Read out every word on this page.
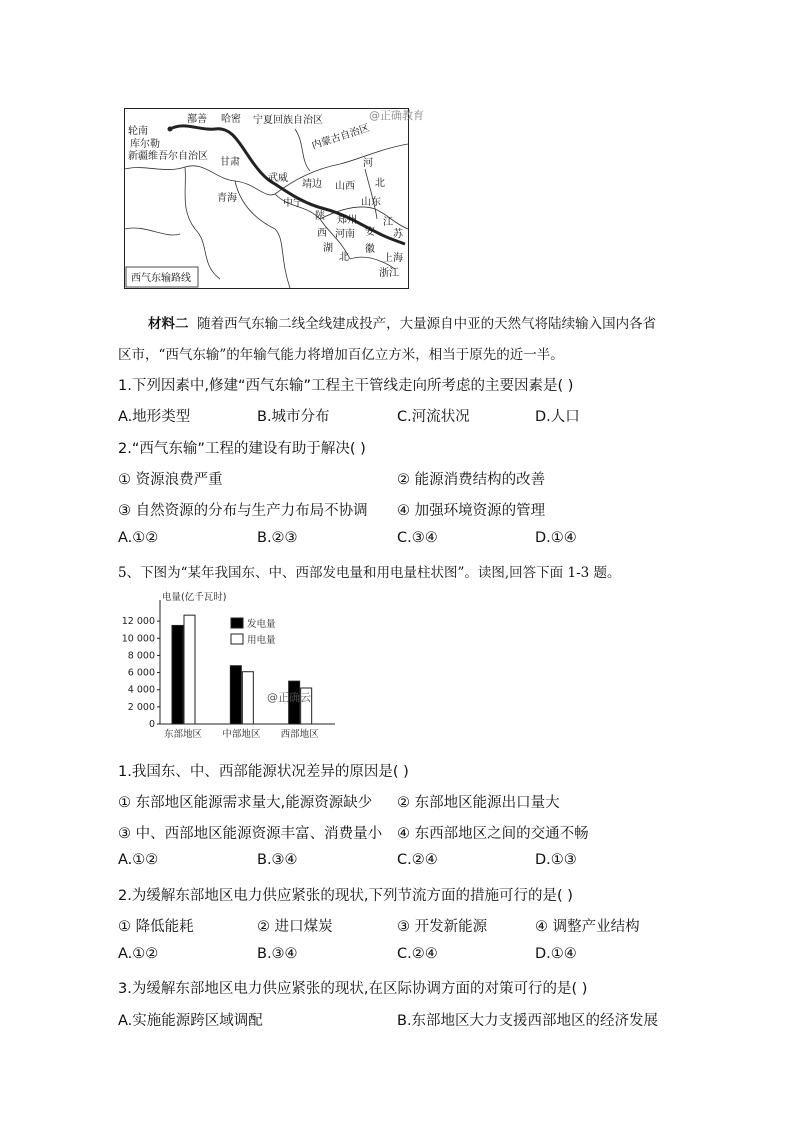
轮南
鄯善 哈密 宁夏回族自治区
内蒙古自治区
库尔勒
新疆维吾尔自治区
甘肃
青海
武威
靖边 山西
河
北
山东
中宁
陕 郑州
河南
江
安 苏
西
湖	徽
北	上海
浙江
西气东输路线
@正确教育
材料二 随着西气东输二线全线建成投产，大量源自中亚的天然气将陆续输入国内各省
区市，“西气东输”的年输气能力将增加百亿立方米，相当于原先的近一半。
1.下列因素中,修建“西气东输”工程主干管线走向所考虑的主要因素是( )
A.地形类型	B.城市分布	C.河流状况	D.人口
2.“西气东输”工程的建设有助于解决( )
① 资源浪费严重	② 能源消费结构的改善
③ 自然资源的分布与生产力布局不协调 ④ 加强环境资源的管理
A.①②	B.②③	C.③④	D.①④
5、下图为“某年我国东、中、西部发电量和用电量柱状图”。读图,回答下面 1-3 题。
电量(亿千瓦时)
0
2 000
4 000
6 000
8 000
10 000
12 000
东部地区 中部地区 西部地区
发电量
用电量
@正确云
1.我国东、中、西部能源状况差异的原因是( )
① 东部地区能源需求量大,能源资源缺少 ② 东部地区能源出口量大
③ 中、西部地区能源资源丰富、消费量小 ④ 东西部地区之间的交通不畅
A.①②	B.③④	C.②④	D.①③
2.为缓解东部地区电力供应紧张的现状,下列节流方面的措施可行的是( )
① 降低能耗	② 进口煤炭	③ 开发新能源	④ 调整产业结构
A.①②	B.③④	C.②④	D.①④
3.为缓解东部地区电力供应紧张的现状,在区际协调方面的对策可行的是( )
A.实施能源跨区域调配	B.东部地区大力支援西部地区的经济发展
